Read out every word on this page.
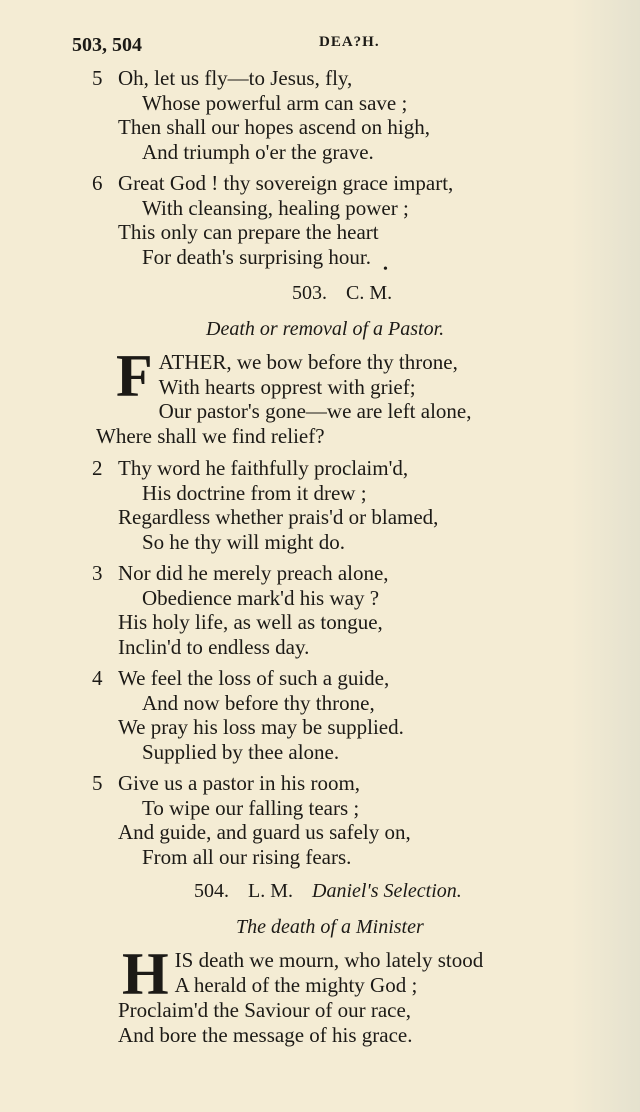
503, 504	DEA?H.
5 Oh, let us fly—to Jesus, fly,
Whose powerful arm can save ;
Then shall our hopes ascend on high,
And triumph o'er the grave.
6 Great God ! thy sovereign grace impart,
With cleansing, healing power ;
This only can prepare the heart
For death's surprising hour.
•
503. C. M.
Death or removal of a Pastor.
F ATHER, we bow before thy throne,
With hearts opprest with grief;
Our pastor's gone—we are left alone,
Where shall we find relief?
2 Thy word he faithfully proclaim'd,
His doctrine from it drew ;
Regardless whether prais'd or blamed,
So he thy will might do.
3 Nor did he merely preach alone,
Obedience mark'd his way ?
His holy life, as well as tongue,
Inclin'd to endless day.
4 We feel the loss of such a guide,
And now before thy throne,
We pray his loss may be supplied.
Supplied by thee alone.
5 Give us a pastor in his room,
To wipe our falling tears ;
And guide, and guard us safely on,
From all our rising fears.
504. L. M. Daniel's Selection.
The death of a Minister
H IS death we mourn, who lately stood
A herald of the mighty God ;
Proclaim'd the Saviour of our race,
And bore the message of his grace.
